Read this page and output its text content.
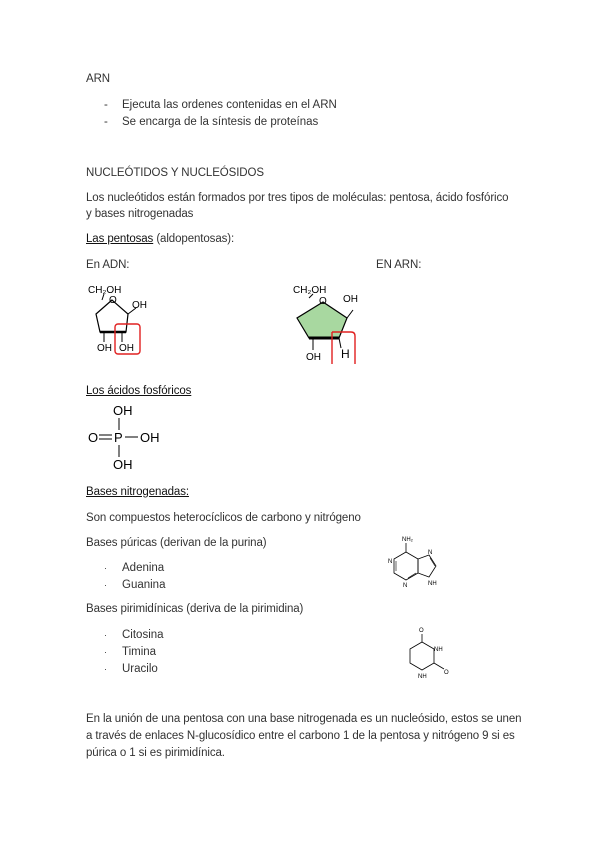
ARN
- Ejecuta las ordenes contenidas en el ARN
- Se encarga de la síntesis de proteínas
NUCLEÓTIDOS Y NUCLEÓSIDOS
Los nucleótidos están formados por tres tipos de moléculas: pentosa, ácido fosfórico
y bases nitrogenadas
Las pentosas (aldopentosas):
En ADN:	EN ARN:
CH₂OH
O OH
OH OH
CH₂OH
O OH
OH H
Los ácidos fosfóricos
OH
O P OH
OH
Bases nitrogenadas:
Son compuestos heterocíclicos de carbono y nitrógeno
Bases púricas (derivan de la purina)
· Adenina
· Guanina
Bases pirimidínicas (deriva de la pirimidina)
· Citosina
· Timina
· Uracilo
NH₂
N
N
N
NH
O
NH
NH
O
En la unión de una pentosa con una base nitrogenada es un nucleósido, estos se unen
a través de enlaces N-glucosídico entre el carbono 1 de la pentosa y nitrógeno 9 si es
púrica o 1 si es pirimidínica.
